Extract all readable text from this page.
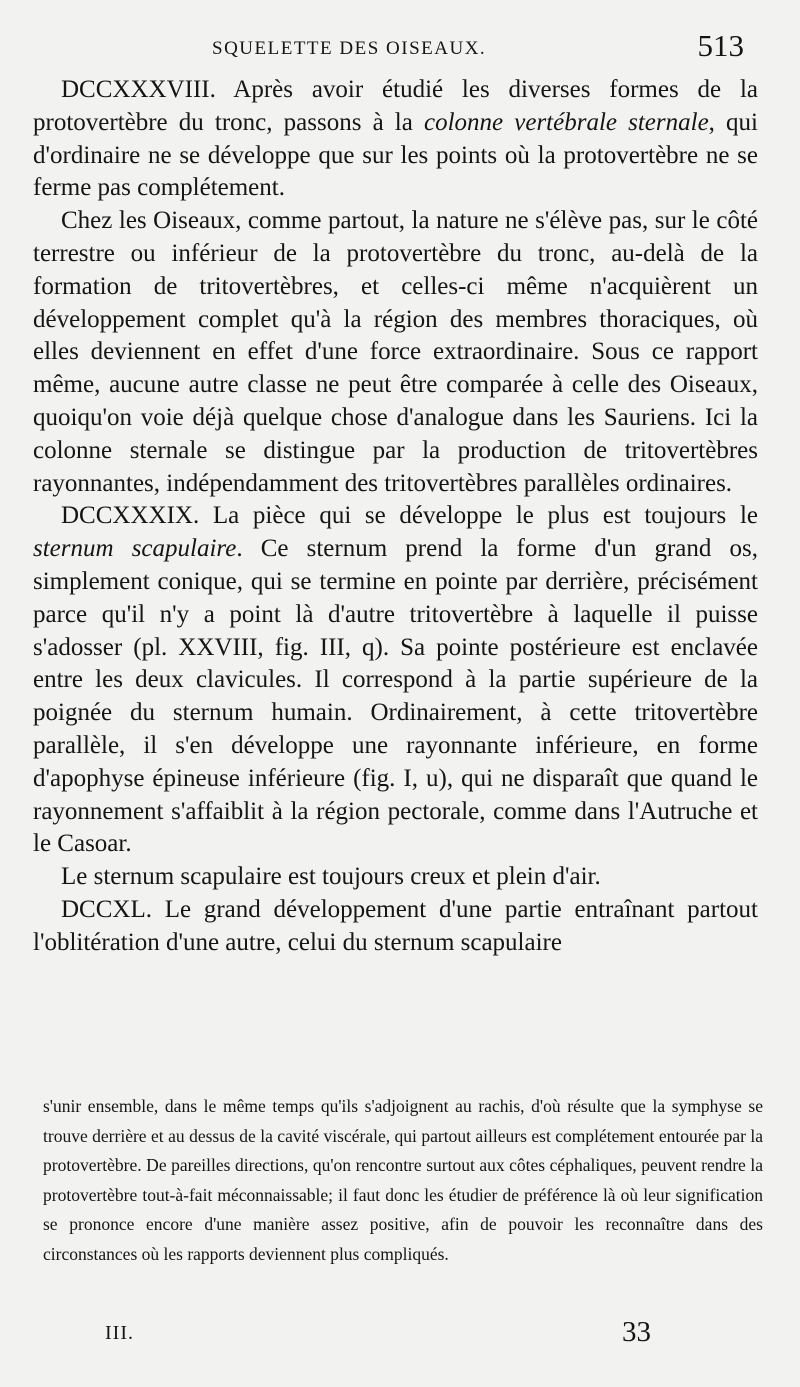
SQUELETTE DES OISEAUX.	513

DCCXXXVIII. Après avoir étudié les diverses formes de la protovertèbre du tronc, passons à la colonne vertébrale sternale, qui d'ordinaire ne se développe que sur les points où la protovertèbre ne se ferme pas complétement.

Chez les Oiseaux, comme partout, la nature ne s'élève pas, sur le côté terrestre ou inférieur de la protovertèbre du tronc, au-delà de la formation de tritovertèbres, et celles-ci même n'acquièrent un développement complet qu'à la région des membres thoraciques, où elles deviennent en effet d'une force extraordinaire. Sous ce rapport même, aucune autre classe ne peut être comparée à celle des Oiseaux, quoiqu'on voie déjà quelque chose d'analogue dans les Sauriens. Ici la colonne sternale se distingue par la production de tritovertèbres rayonnantes, indépendamment des tritovertèbres parallèles ordinaires.

DCCXXXIX. La pièce qui se développe le plus est toujours le sternum scapulaire. Ce sternum prend la forme d'un grand os, simplement conique, qui se termine en pointe par derrière, précisément parce qu'il n'y a point là d'autre tritovertèbre à laquelle il puisse s'adosser (pl. XXVIII, fig. III, q). Sa pointe postérieure est enclavée entre les deux clavicules. Il correspond à la partie supérieure de la poignée du sternum humain. Ordinairement, à cette tritovertèbre parallèle, il s'en développe une rayonnante inférieure, en forme d'apophyse épineuse inférieure (fig. I, u), qui ne disparaît que quand le rayonnement s'affaiblit à la région pectorale, comme dans l'Autruche et le Casoar.

Le sternum scapulaire est toujours creux et plein d'air.

DCCXL. Le grand développement d'une partie entraînant partout l'oblitération d'une autre, celui du sternum scapulaire

s'unir ensemble, dans le même temps qu'ils s'adjoignent au rachis, d'où résulte que la symphyse se trouve derrière et au dessus de la cavité viscérale, qui partout ailleurs est complétement entourée par la protovertèbre. De pareilles directions, qu'on rencontre surtout aux côtes céphaliques, peuvent rendre la protovertèbre tout-à-fait méconnaissable; il faut donc les étudier de préférence là où leur signification se prononce encore d'une manière assez positive, afin de pouvoir les reconnaître dans des circonstances où les rapports deviennent plus compliqués.

III.	33
